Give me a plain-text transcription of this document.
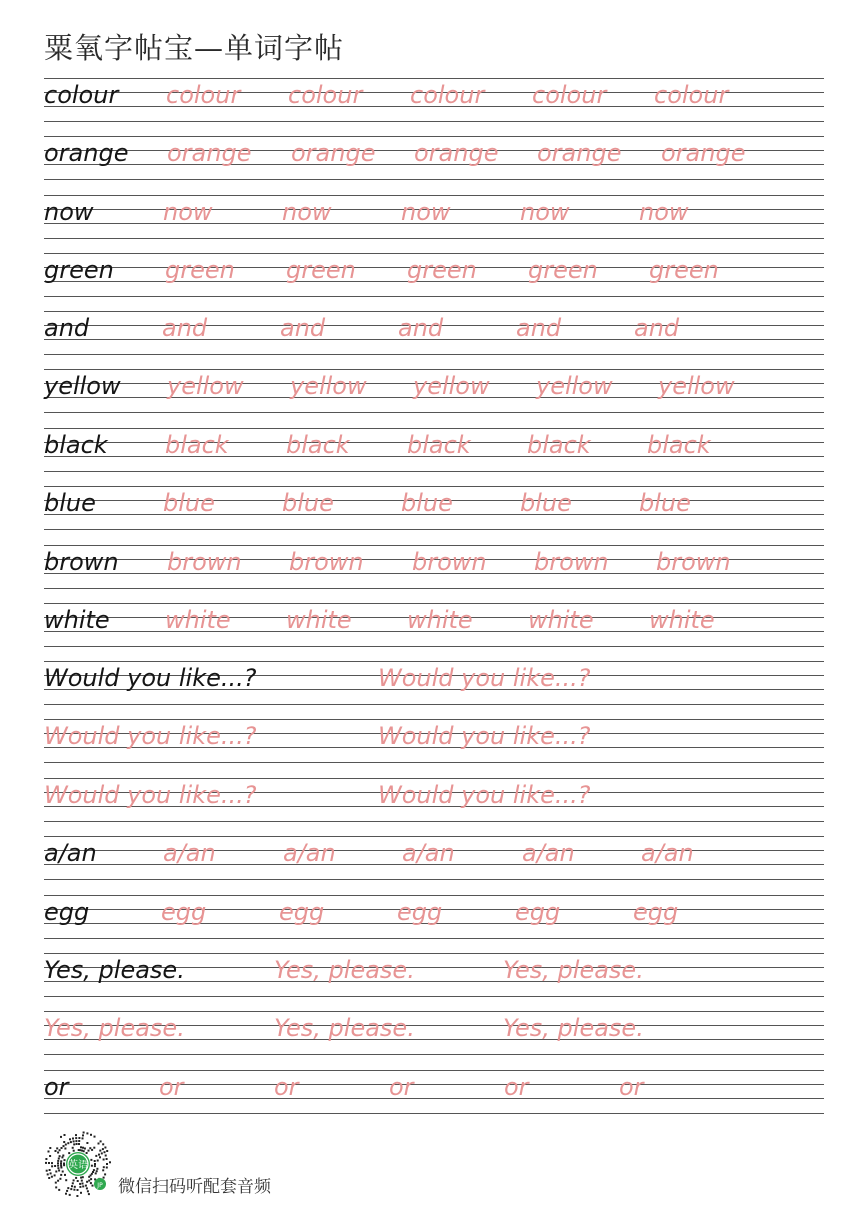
粟氧字帖宝—单词字帖
colour colour colour colour colour colour
orange orange orange orange orange orange
now	now	now	now	now	now
green green green green green green
and	and	and	and	and	and
yellow yellow yellow yellow yellow yellow
black black black black black black
blue	blue	blue	blue	blue	blue
brown brown brown brown brown brown
white white white white white white
Would you like...?	Would you like...?
Would you like...?	Would you like...?
Would you like...?	Would you like...?
a/an	a/an	a/an	a/an	a/an	a/an
egg	egg	egg	egg	egg	egg
Yes, please.	Yes, please.	Yes, please.
Yes, please.	Yes, please.	Yes, please.
or	or	or	or	or	or
英语
JP 微信扫码听配套音频
